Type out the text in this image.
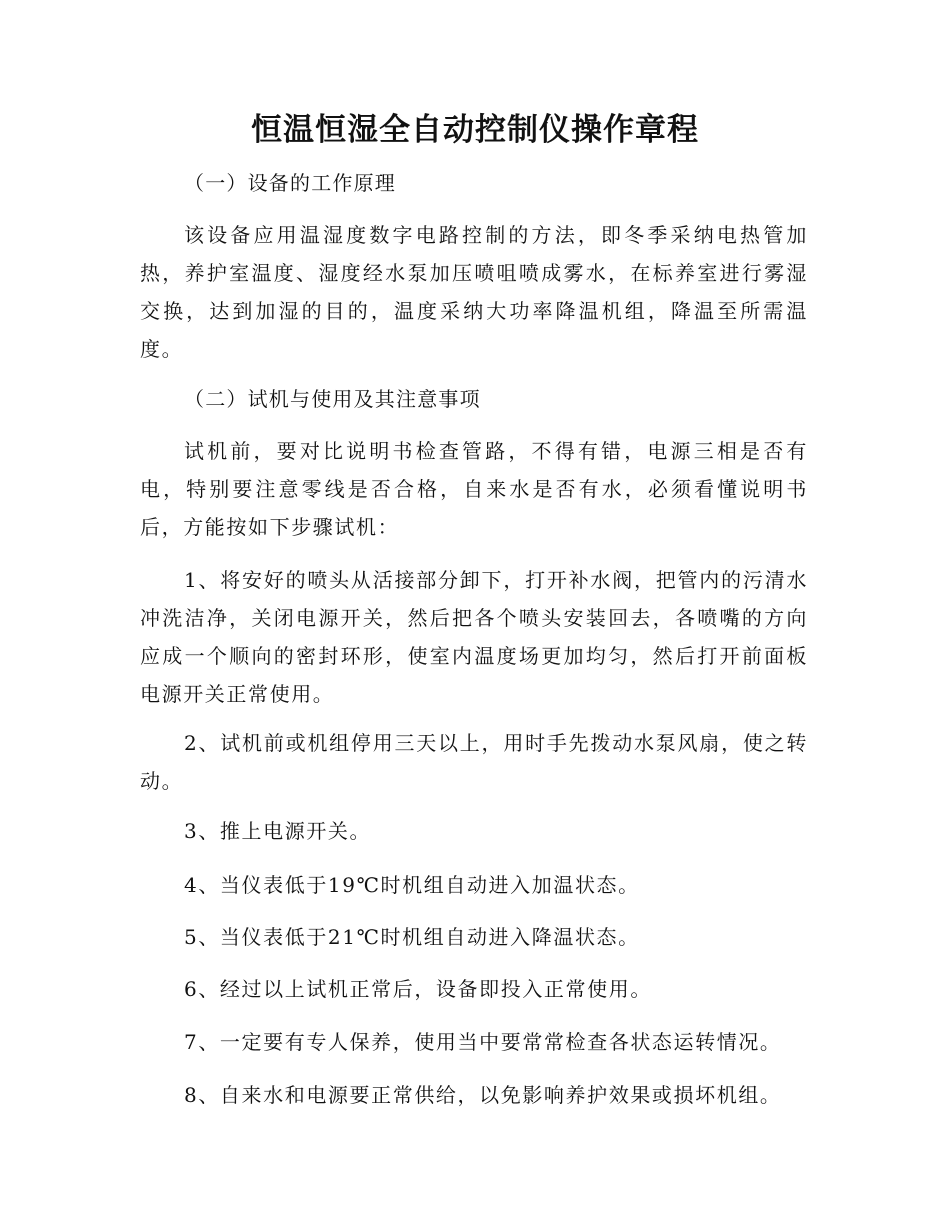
恒温恒湿全自动控制仪操作章程

（一）设备的工作原理

该设备应用温湿度数字电路控制的方法，即冬季采纳电热管加热，养护室温度、湿度经水泵加压喷咀喷成雾水，在标养室进行雾湿交换，达到加湿的目的，温度采纳大功率降温机组，降温至所需温度。

（二）试机与使用及其注意事项

试机前，要对比说明书检查管路，不得有错，电源三相是否有电，特别要注意零线是否合格，自来水是否有水，必须看懂说明书后，方能按如下步骤试机：

1、将安好的喷头从活接部分卸下，打开补水阀，把管内的污清水冲洗洁净，关闭电源开关，然后把各个喷头安装回去，各喷嘴的方向应成一个顺向的密封环形，使室内温度场更加均匀，然后打开前面板电源开关正常使用。

2、试机前或机组停用三天以上，用时手先拨动水泵风扇，使之转动。

3、推上电源开关。

4、当仪表低于19℃时机组自动进入加温状态。

5、当仪表低于21℃时机组自动进入降温状态。

6、经过以上试机正常后，设备即投入正常使用。

7、一定要有专人保养，使用当中要常常检查各状态运转情况。

8、自来水和电源要正常供给，以免影响养护效果或损坏机组。
